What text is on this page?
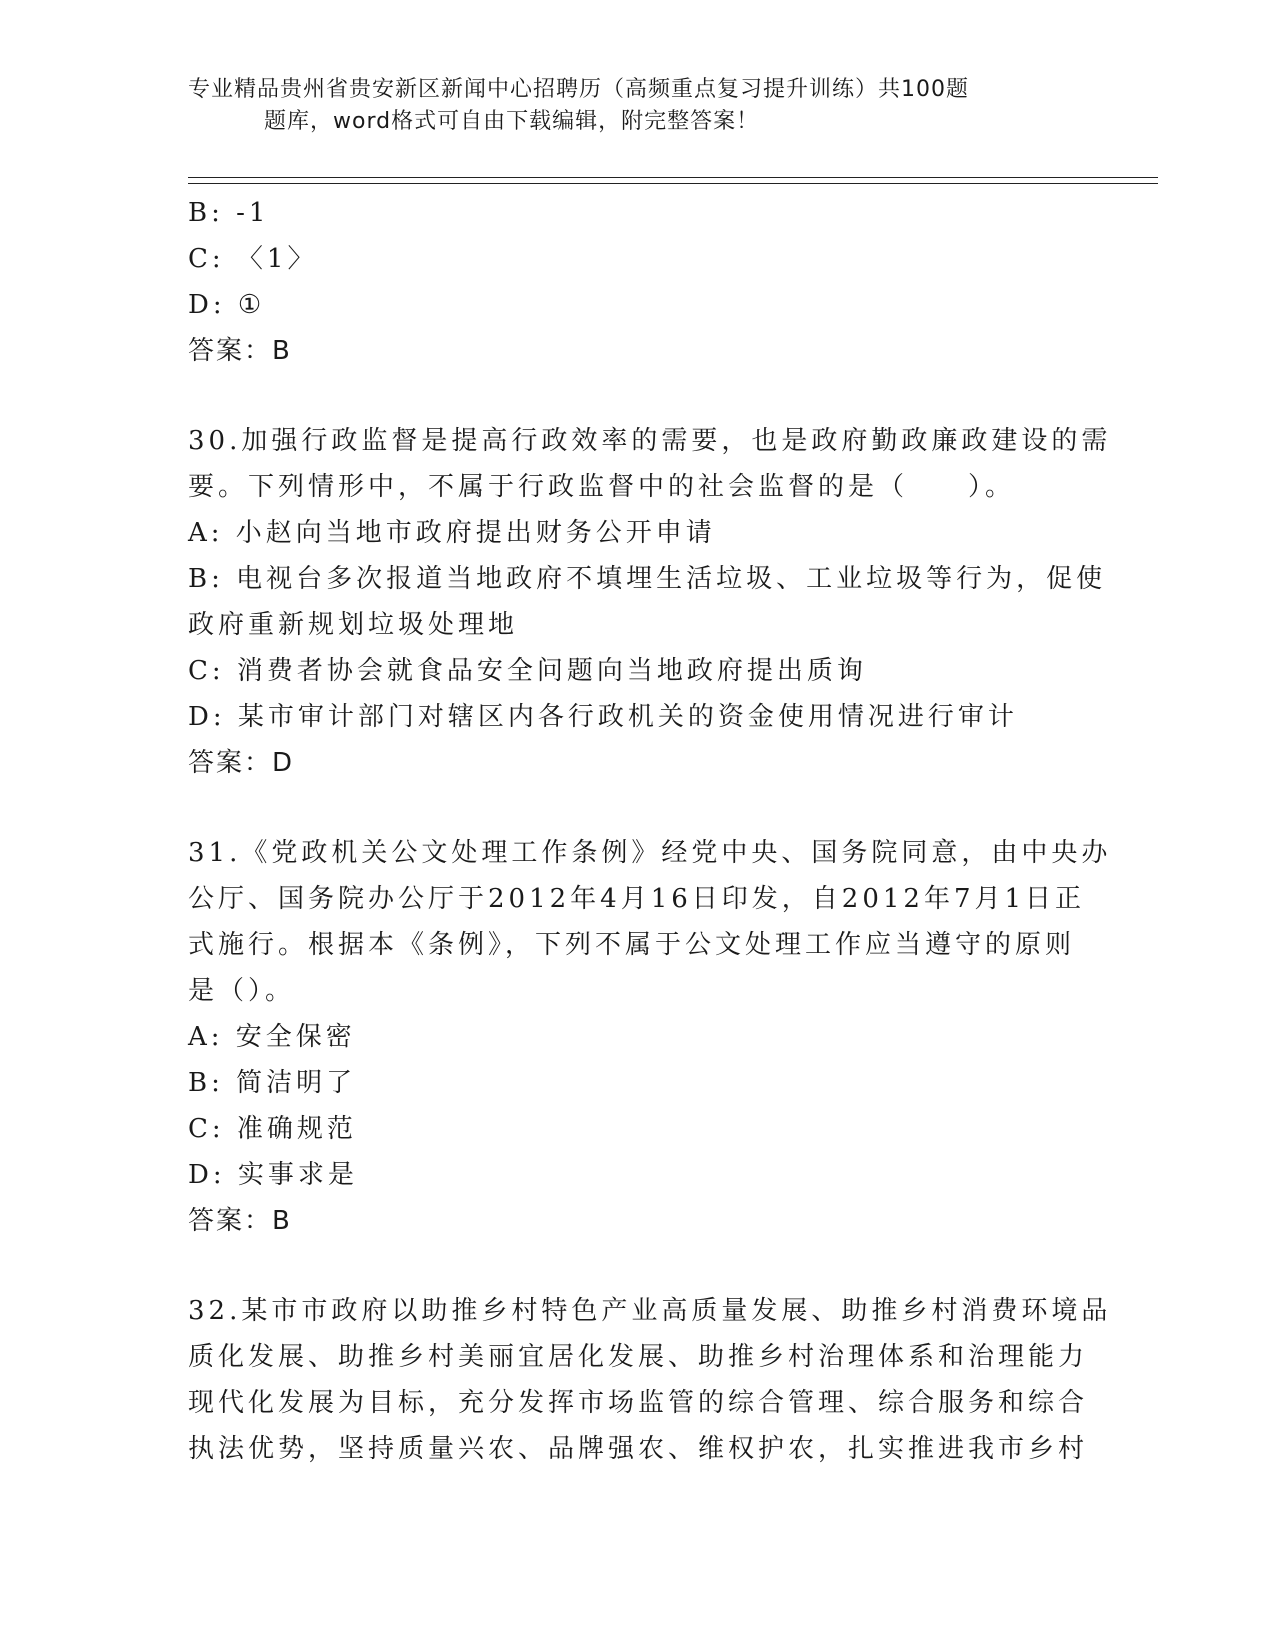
专业精品贵州省贵安新区新闻中心招聘历（高频重点复习提升训练）共100题
题库，word格式可自由下载编辑，附完整答案！
B: -1
C: 〈1〉
D: ①
答案：B
30.加强行政监督是提高行政效率的需要，也是政府勤政廉政建设的需
要。下列情形中，不属于行政监督中的社会监督的是（　　）。
A: 小赵向当地市政府提出财务公开申请
B: 电视台多次报道当地政府不填埋生活垃圾、工业垃圾等行为，促使
政府重新规划垃圾处理地
C: 消费者协会就食品安全问题向当地政府提出质询
D: 某市审计部门对辖区内各行政机关的资金使用情况进行审计
答案：D
31.《党政机关公文处理工作条例》经党中央、国务院同意，由中央办
公厅、国务院办公厅于2012年4月16日印发，自2012年7月1日正
式施行。根据本《条例》，下列不属于公文处理工作应当遵守的原则
是（）。
A: 安全保密
B: 简洁明了
C: 准确规范
D: 实事求是
答案：B
32.某市市政府以助推乡村特色产业高质量发展、助推乡村消费环境品
质化发展、助推乡村美丽宜居化发展、助推乡村治理体系和治理能力
现代化发展为目标，充分发挥市场监管的综合管理、综合服务和综合
执法优势，坚持质量兴农、品牌强农、维权护农，扎实推进我市乡村
